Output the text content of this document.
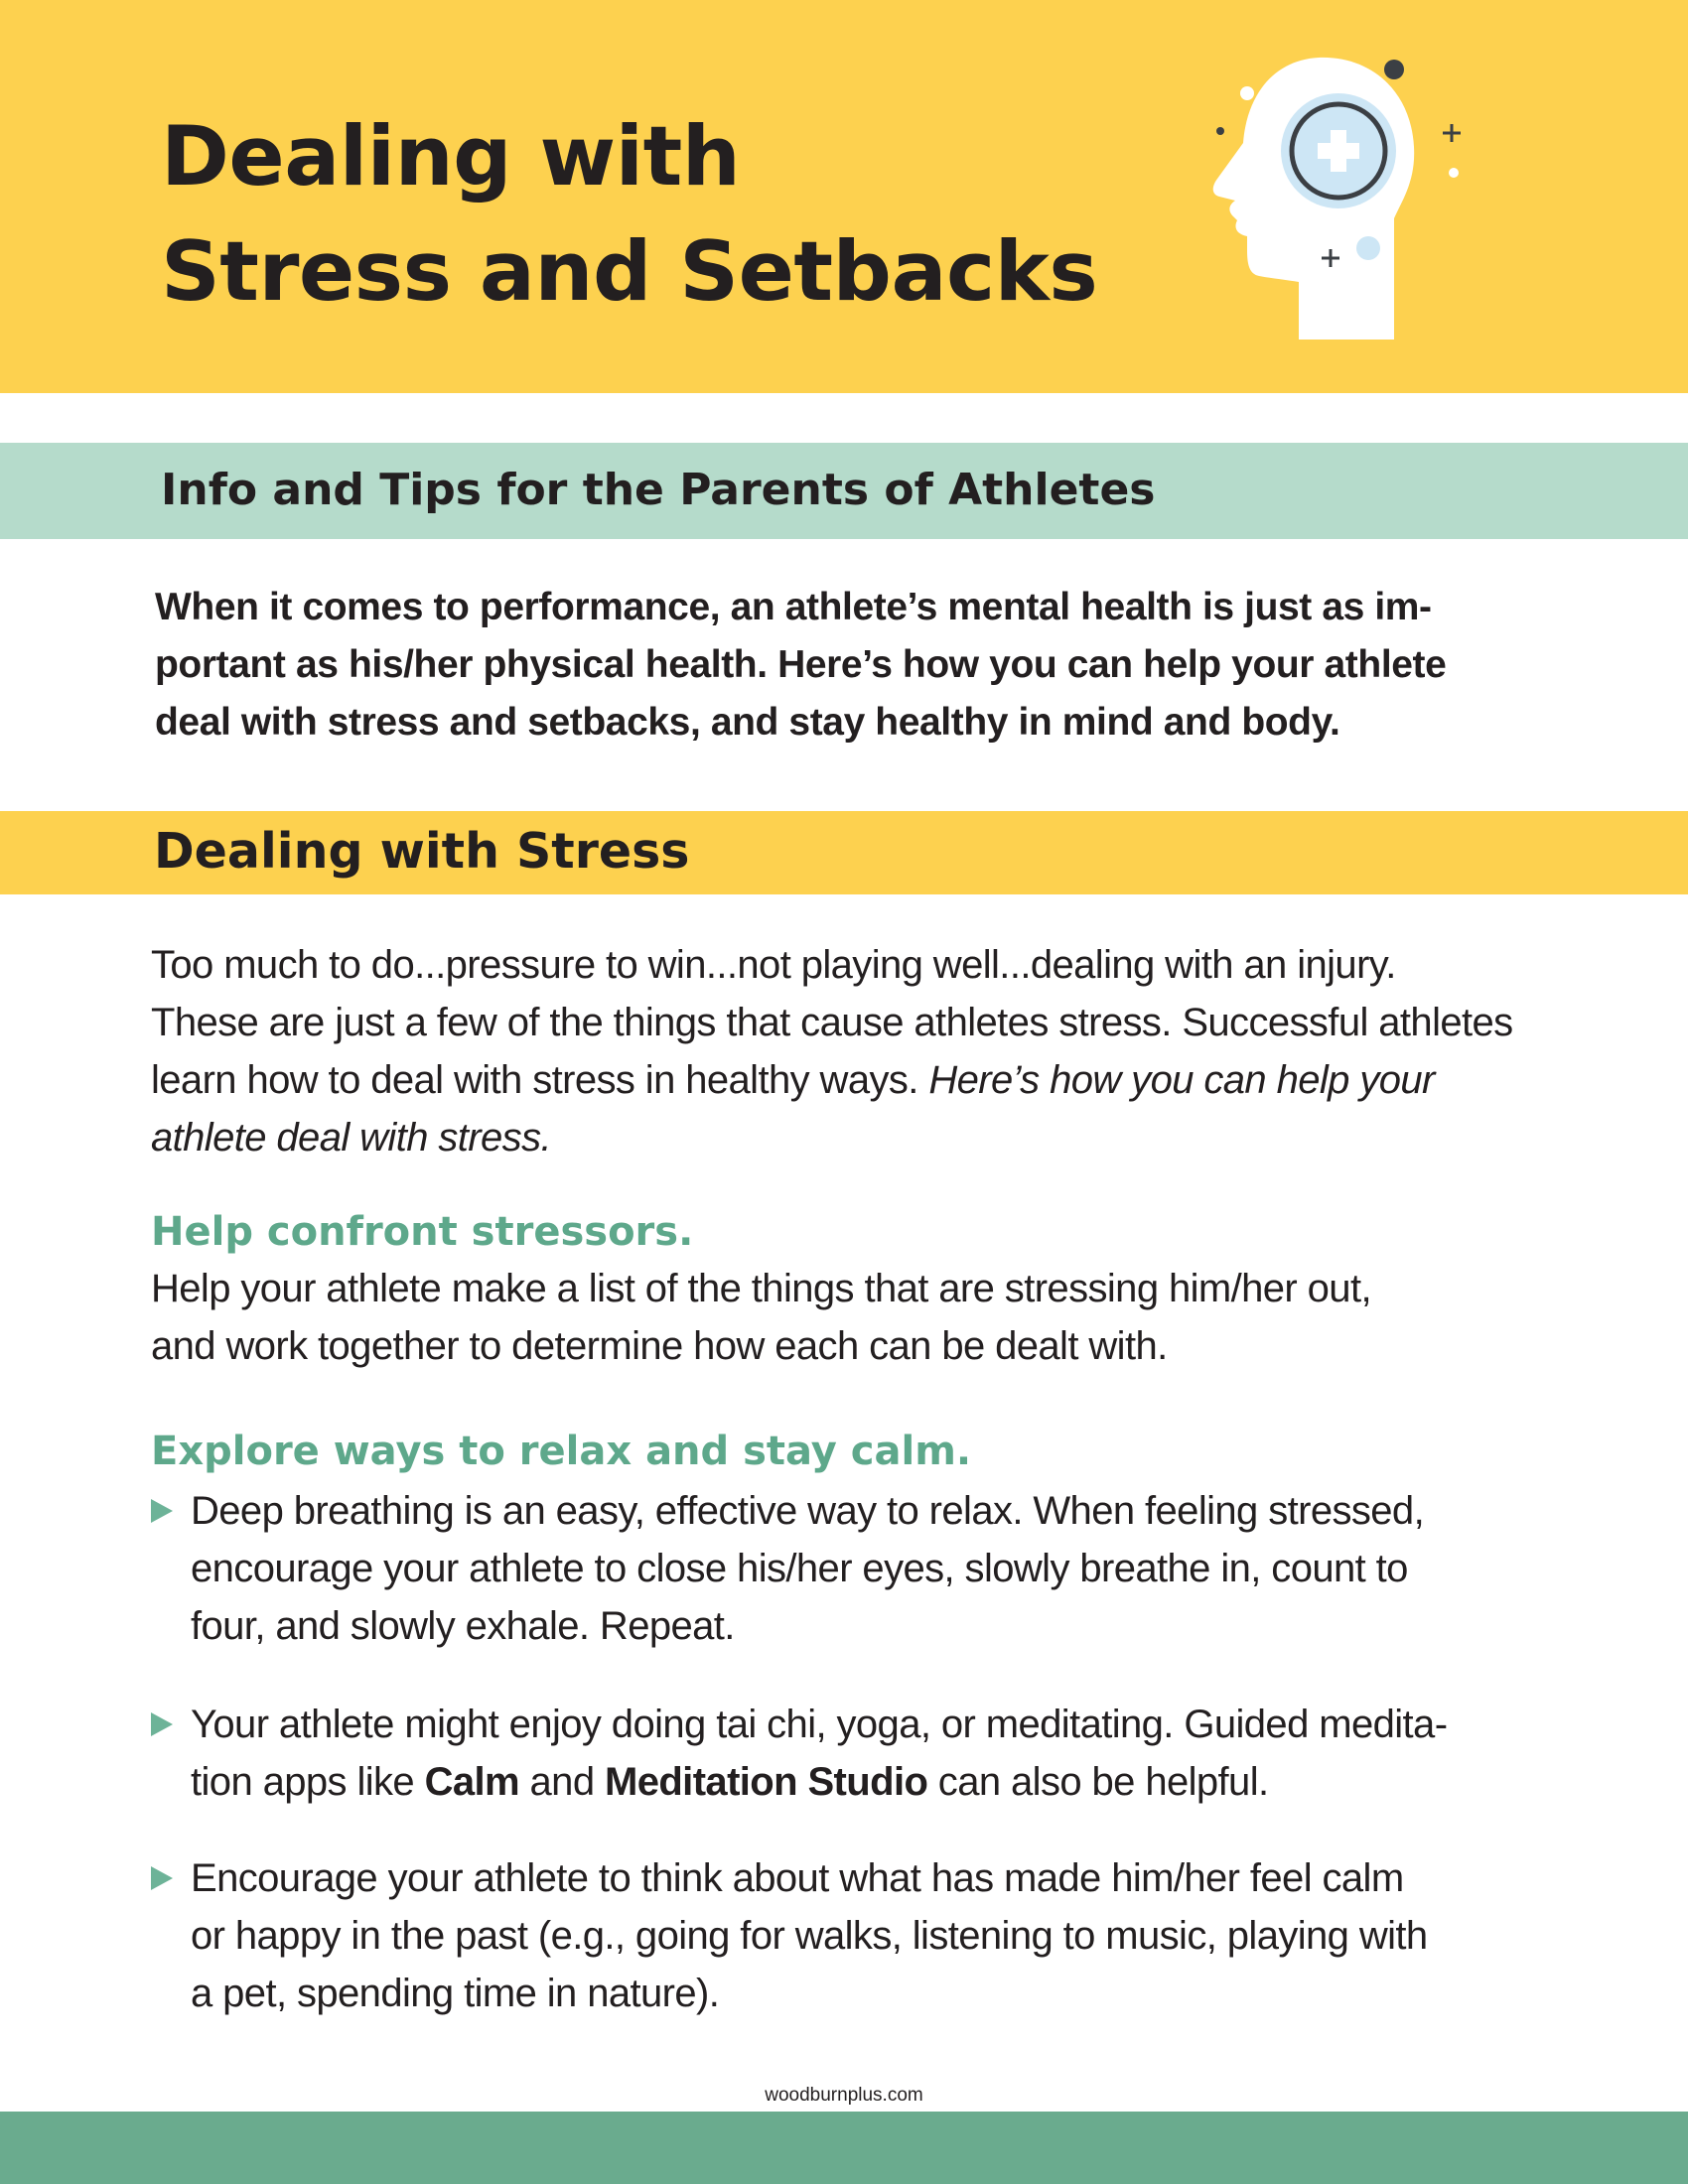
Dealing with
Stress and Setbacks
Info and Tips for the Parents of Athletes

When it comes to performance, an athlete’s mental health is just as im-
portant as his/her physical health. Here’s how you can help your athlete
deal with stress and setbacks, and stay healthy in mind and body.

Dealing with Stress

Too much to do...pressure to win...not playing well...dealing with an injury.
These are just a few of the things that cause athletes stress. Successful athletes
learn how to deal with stress in healthy ways. Here’s how you can help your
athlete deal with stress.

Help confront stressors.

Help your athlete make a list of the things that are stressing him/her out,
and work together to determine how each can be dealt with.

Explore ways to relax and stay calm.

Deep breathing is an easy, effective way to relax. When feeling stressed,
encourage your athlete to close his/her eyes, slowly breathe in, count to
four, and slowly exhale. Repeat.

Your athlete might enjoy doing tai chi, yoga, or meditating. Guided medita-
tion apps like Calm and Meditation Studio can also be helpful.

Encourage your athlete to think about what has made him/her feel calm
or happy in the past (e.g., going for walks, listening to music, playing with
a pet, spending time in nature).

woodburnplus.com
